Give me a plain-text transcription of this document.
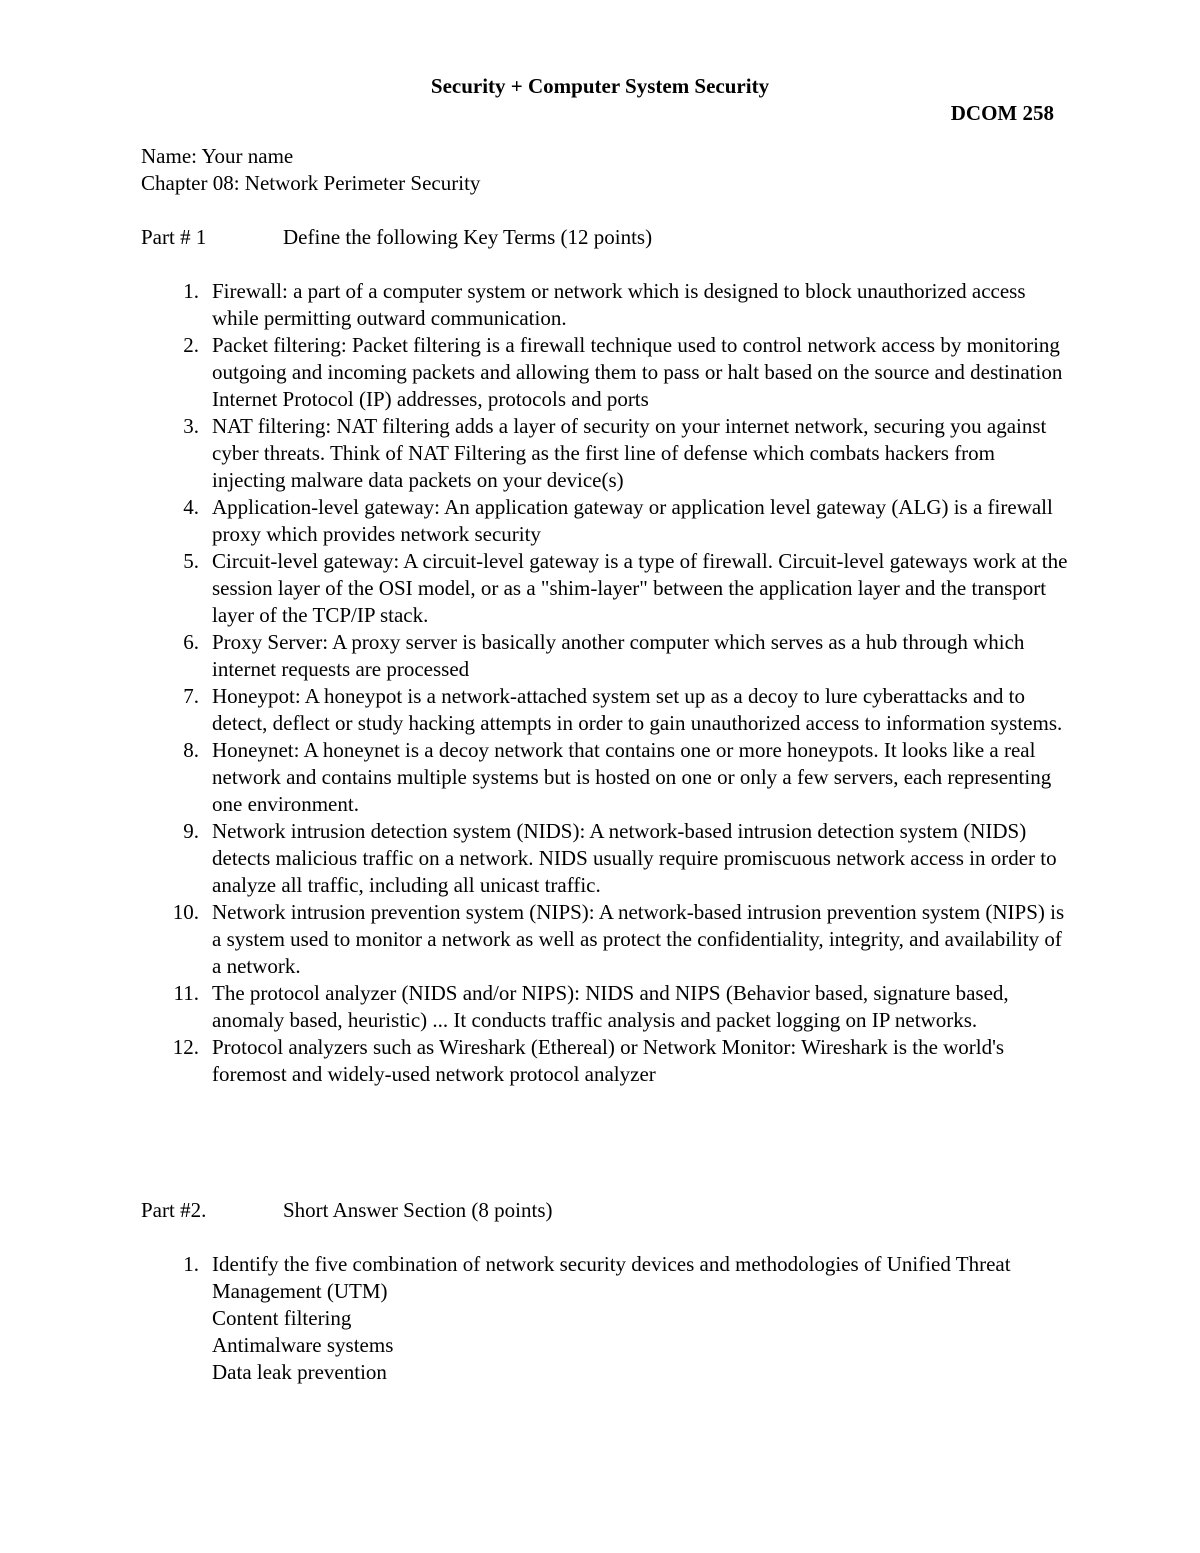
Security + Computer System Security
DCOM 258
Name: Your name
Chapter 08: Network Perimeter Security
Part # 1	Define the following Key Terms (12 points)
1. Firewall: a part of a computer system or network which is designed to block unauthorized access while permitting outward communication.
2. Packet filtering: Packet filtering is a firewall technique used to control network access by monitoring outgoing and incoming packets and allowing them to pass or halt based on the source and destination Internet Protocol (IP) addresses, protocols and ports
3. NAT filtering: NAT filtering adds a layer of security on your internet network, securing you against cyber threats. Think of NAT Filtering as the first line of defense which combats hackers from injecting malware data packets on your device(s)
4. Application-level gateway: An application gateway or application level gateway (ALG) is a firewall proxy which provides network security
5. Circuit-level gateway: A circuit-level gateway is a type of firewall. Circuit-level gateways work at the session layer of the OSI model, or as a "shim-layer" between the application layer and the transport layer of the TCP/IP stack.
6. Proxy Server: A proxy server is basically another computer which serves as a hub through which internet requests are processed
7. Honeypot: A honeypot is a network-attached system set up as a decoy to lure cyberattacks and to detect, deflect or study hacking attempts in order to gain unauthorized access to information systems.
8. Honeynet: A honeynet is a decoy network that contains one or more honeypots. It looks like a real network and contains multiple systems but is hosted on one or only a few servers, each representing one environment.
9. Network intrusion detection system (NIDS): A network-based intrusion detection system (NIDS) detects malicious traffic on a network. NIDS usually require promiscuous network access in order to analyze all traffic, including all unicast traffic.
10. Network intrusion prevention system (NIPS): A network-based intrusion prevention system (NIPS) is a system used to monitor a network as well as protect the confidentiality, integrity, and availability of a network.
11. The protocol analyzer (NIDS and/or NIPS): NIDS and NIPS (Behavior based, signature based, anomaly based, heuristic) ... It conducts traffic analysis and packet logging on IP networks.
12. Protocol analyzers such as Wireshark (Ethereal) or Network Monitor: Wireshark is the world's foremost and widely-used network protocol analyzer
Part #2.	Short Answer Section (8 points)
1. Identify the five combination of network security devices and methodologies of Unified Threat Management (UTM)
Content filtering
Antimalware systems
Data leak prevention
